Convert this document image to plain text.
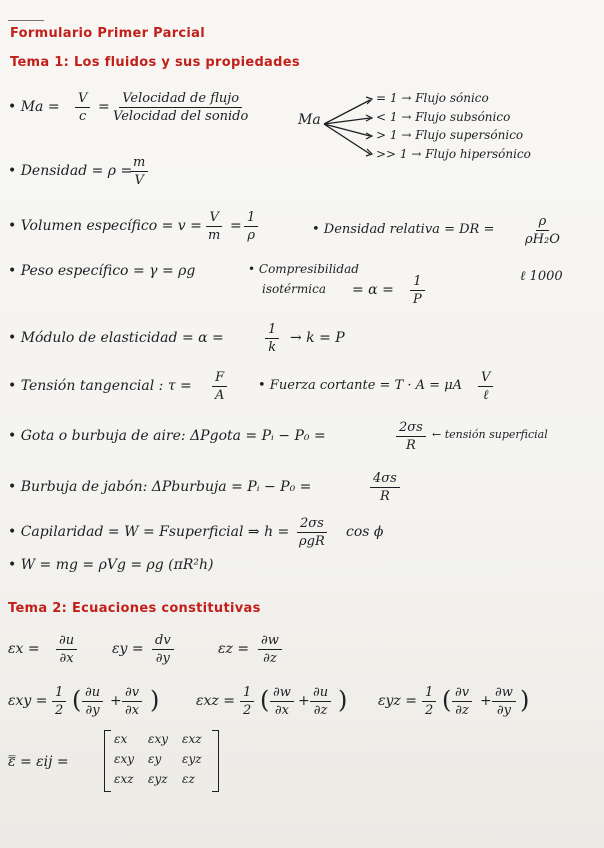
Formulario Primer Parcial
Tema 1: Los fluidos y sus propiedades
• $Ma = \frac{V}{c}$ =
Velocidad de flujo
Velocidad del sonido	Ma
= 1 → Flujo sónico
< 1 → Flujo subsónico
> 1 → Flujo supersónico
>> 1 → Flujo hipersónico
• Densidad = ρ =
$\frac{m}{V}$
• Volumen específico = $v = \frac{V}{m} = \frac{1}{\rho}$	• Densidad relativa = DR = $\frac{\rho}{\text{ρH₂O}}$
ℓ 1000
• Peso específico = γ = ρg	• Compresibilidad
isotérmica = $\alpha = \frac{1}{P}$
• Módulo de elasticidad = α =	$\frac{1}{k} \to k = P$
• Tensión tangencial : $\tau = \frac{F}{A}$ • Fuerza cortante = T · A = μA
V
ℓ
• Gota o burbuja de aire: ΔPgota = Pᵢ − P₀ =	$\frac{2\sigma s}{R}$ ← tensión superficial
• Burbuja de jabón: ΔPburbuja = Pᵢ − P₀ =	$\frac{4\sigma s}{R}$
• Capilaridad = W = Fsuperficial ⇒ h =
2σs
ρgR
cos ϕ
• W = mg = ρVg = ρg (πR²h)
Tema 2: Ecuaciones constitutivas
$\varepsilon x = \frac{\partial u}{\partial x}$ $\varepsilon y = \frac{dv}{\partial y}$	$\varepsilon z = \frac{\partial w}{\partial z}$
$\varepsilon xy = \frac{1}{2}$ ( $\frac{\partial u}{\partial y} + \frac{\partial v}{\partial x}$ )	$\varepsilon xz = \frac{1}{2}$ ( $\frac{\partial w}{\partial x} + \frac{\partial u}{\partial z}$ ) $\varepsilon yz = \frac{1}{2}$ ( $\frac{\partial v}{\partial z} + \frac{\partial w}{\partial y}$ )
ε̿ = εij =
εx εxy εxz
εxy εy εyz
εxz εyz εz
